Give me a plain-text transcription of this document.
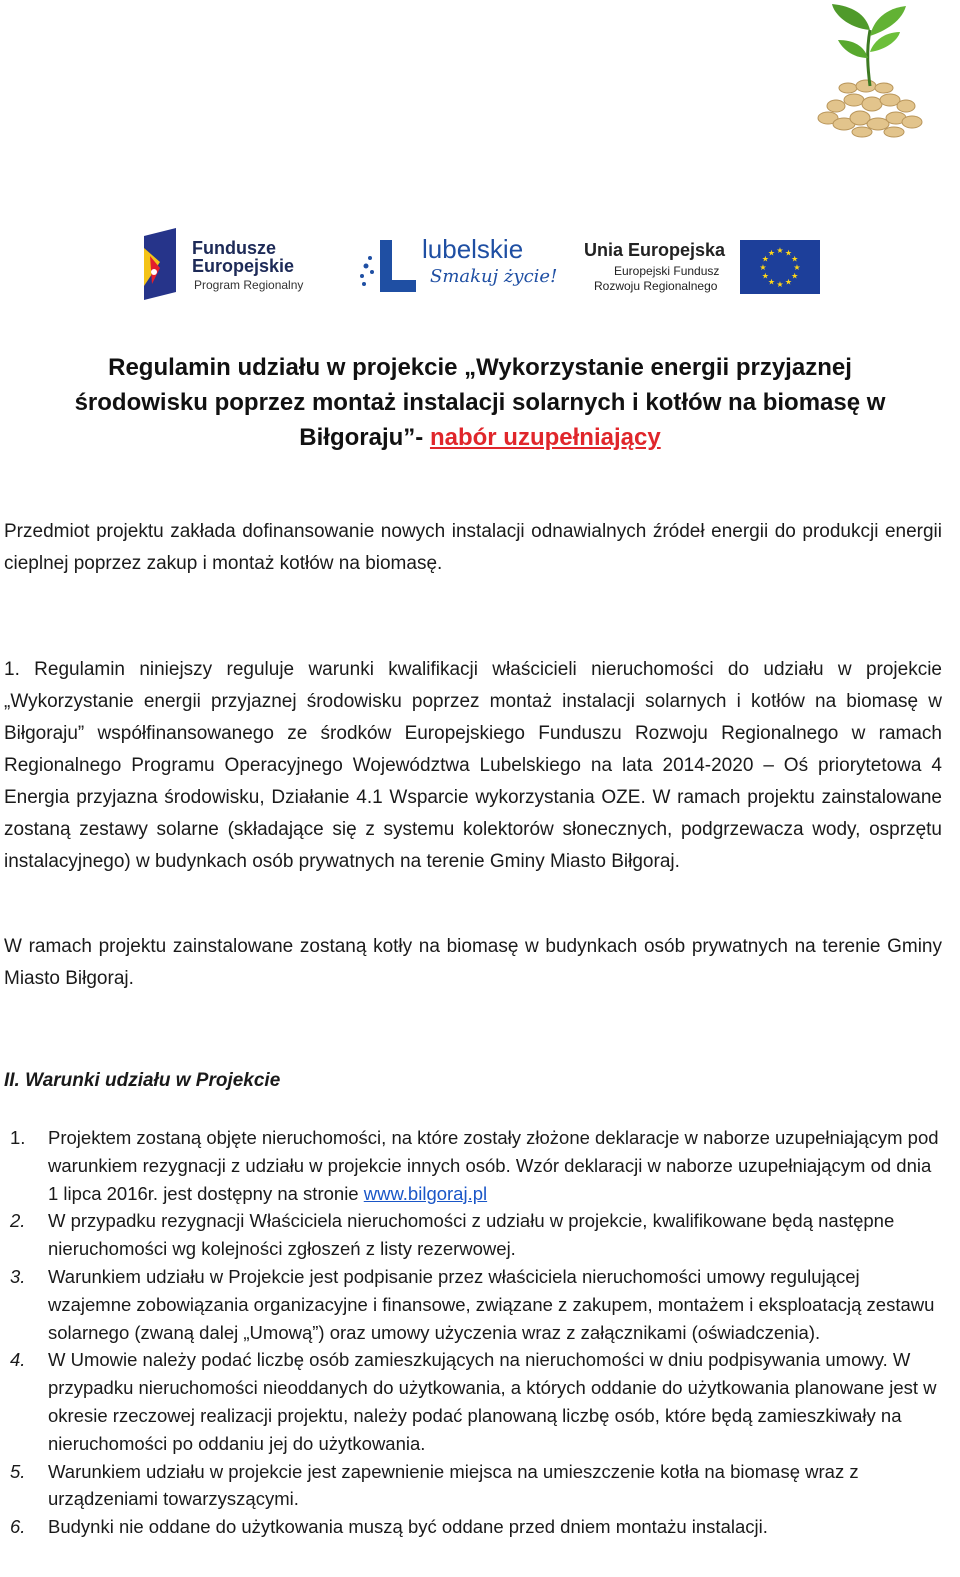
Fundusze
Europejskie
Program Regionalny
lubelskie
Smakuj życie!
Unia Europejska
Europejski Fundusz
Rozwoju Regionalnego
★
★
★
★
★
★
★
★
★ ★ ★
★
Regulamin udziału w projekcie „Wykorzystanie energii przyjaznej środowisku poprzez montaż instalacji solarnych i kotłów na biomasę w Biłgoraju”- nabór uzupełniający
Przedmiot projektu zakłada dofinansowanie nowych instalacji odnawialnych źródeł energii do produkcji energii cieplnej poprzez zakup i montaż kotłów na biomasę.
1. Regulamin niniejszy reguluje warunki kwalifikacji właścicieli nieruchomości do udziału w projekcie „Wykorzystanie energii przyjaznej środowisku poprzez montaż instalacji solarnych i kotłów na biomasę w Biłgoraju” współfinansowanego ze środków Europejskiego Funduszu Rozwoju Regionalnego w ramach Regionalnego Programu Operacyjnego Województwa Lubelskiego na lata 2014-2020 – Oś priorytetowa 4 Energia przyjazna środowisku, Działanie 4.1 Wsparcie wykorzystania OZE. W ramach projektu zainstalowane zostaną zestawy solarne (składające się z systemu kolektorów słonecznych, podgrzewacza wody, osprzętu instalacyjnego) w budynkach osób prywatnych na terenie Gminy Miasto Biłgoraj.
W ramach projektu zainstalowane zostaną kotły na biomasę w budynkach osób prywatnych na terenie Gminy Miasto Biłgoraj.
II. Warunki udziału w Projekcie
1. Projektem zostaną objęte nieruchomości, na które zostały złożone deklaracje w naborze uzupełniającym pod warunkiem rezygnacji z udziału w projekcie innych osób. Wzór deklaracji w naborze uzupełniającym od dnia 1 lipca 2016r. jest dostępny na stronie www.bilgoraj.pl
2. W przypadku rezygnacji Właściciela nieruchomości z udziału w projekcie, kwalifikowane będą następne nieruchomości wg kolejności zgłoszeń z listy rezerwowej.
3. Warunkiem udziału w Projekcie jest podpisanie przez właściciela nieruchomości umowy regulującej wzajemne zobowiązania organizacyjne i finansowe, związane z zakupem, montażem i eksploatacją zestawu solarnego (zwaną dalej „Umową”) oraz umowy użyczenia wraz z załącznikami (oświadczenia).
4. W Umowie należy podać liczbę osób zamieszkujących na nieruchomości w dniu podpisywania umowy. W przypadku nieruchomości nieoddanych do użytkowania, a których oddanie do użytkowania planowane jest w okresie rzeczowej realizacji projektu, należy podać planowaną liczbę osób, które będą zamieszkiwały na nieruchomości po oddaniu jej do użytkowania.
5. Warunkiem udziału w projekcie jest zapewnienie miejsca na umieszczenie kotła na biomasę wraz z urządzeniami towarzyszącymi.
6. Budynki nie oddane do użytkowania muszą być oddane przed dniem montażu instalacji.
